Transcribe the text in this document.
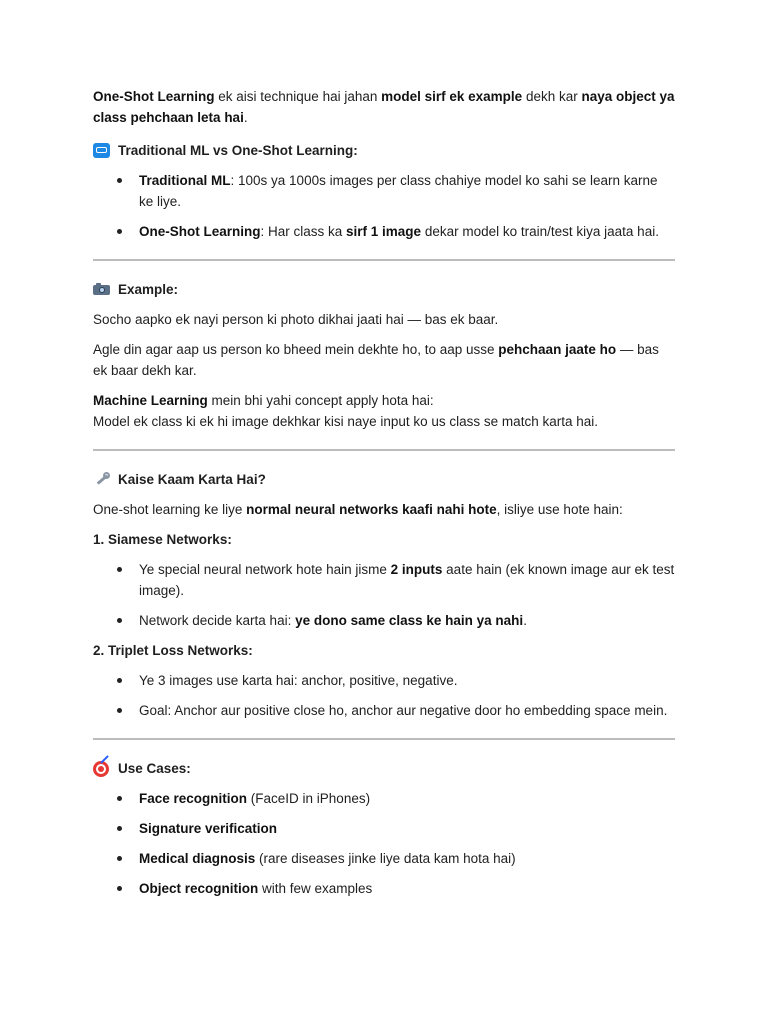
One-Shot Learning ek aisi technique hai jahan model sirf ek example dekh kar naya object ya class pehchaan leta hai.

Traditional ML vs One-Shot Learning:
Traditional ML: 100s ya 1000s images per class chahiye model ko sahi se learn karne ke liye.
One-Shot Learning: Har class ka sirf 1 image dekar model ko train/test kiya jaata hai.
Example:

Socho aapko ek nayi person ki photo dikhai jaati hai — bas ek baar.

Agle din agar aap us person ko bheed mein dekhte ho, to aap usse pehchaan jaate ho — bas ek baar dekh kar.

Machine Learning mein bhi yahi concept apply hota hai:
Model ek class ki ek hi image dekhkar kisi naye input ko us class se match karta hai.

Kaise Kaam Karta Hai?

One-shot learning ke liye normal neural networks kaafi nahi hote, isliye use hote hain:

1. Siamese Networks:
Ye special neural network hote hain jisme 2 inputs aate hain (ek known image aur ek test image).
Network decide karta hai: ye dono same class ke hain ya nahi.
2. Triplet Loss Networks:
Ye 3 images use karta hai: anchor, positive, negative.
Goal: Anchor aur positive close ho, anchor aur negative door ho embedding space mein.
Use Cases:
Face recognition (FaceID in iPhones)
Signature verification
Medical diagnosis (rare diseases jinke liye data kam hota hai)
Object recognition with few examples
